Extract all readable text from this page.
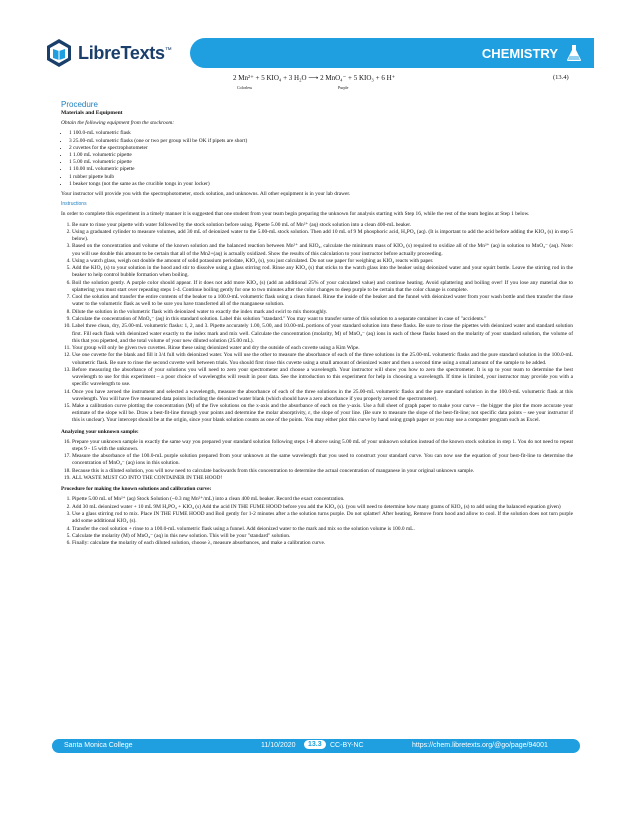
LibreTexts™	CHEMISTRY
2 Mn²⁺ + 5 KIO₄ + 3 H₂O ⟶ 2 MnO₄⁻ + 5 KIO₃ + 6 H⁺
Colorless	Purple
(13.4)
Procedure
Materials and Equipment
Obtain the following equipment from the stockroom:
• 1 100.0-mL volumetric flask
• 3 25.00-mL volumetric flasks (one or two per group will be OK if pipets are short)
• 2 cuvettes for the spectrophotometer
• 1 1.00 mL volumetric pipette
• 1 5.00 mL volumetric pipette
• 1 10.00 mL volumetric pipette
• 1 rubber pipette bulb
• 1 beaker tongs (not the same as the crucible tongs in your locker)
Your instructor will provide you with the spectrophotometer, stock solution, and unknowns. All other equipment is in your lab drawer.
Instructions
In order to complete this experiment in a timely manner it is suggested that one student from your team begin preparing the unknown for analysis starting with Step 16, while the rest of the team begins at Step 1 below.
1. Be sure to rinse your pipette with water followed by the stock solution before using. Pipette 5.00 mL of Mn²⁺ (aq) stock solution into a clean 400-mL beaker.
2. Using a graduated cylinder to measure volumes, add 30 mL of deionized water to the 5.00-mL stock solution. Then add 10 mL of 9 M phosphoric acid, H₃PO₄ (aq). (It is important to add the acid before adding the KIO₄ (s) in step 5 below).
3. Based on the concentration and volume of the known solution and the balanced reaction between Mn²⁺ and KIO₄, calculate the minimum mass of KIO₄ (s) required to oxidize all of the Mn²⁺ (aq) in solution to MnO₄⁻ (aq). Note: you will use double this amount to be certain that all of the Mn2+(aq) is actually oxidized. Show the results of this calculation to your instructor before actually proceeding.
4. Using a watch glass, weigh out double the amount of solid potassium periodate, KIO₄ (s), you just calculated. Do not use paper for weighing as KIO₄ reacts with paper.
5. Add the KIO₄ (s) to your solution in the hood and stir to dissolve using a glass stirring rod. Rinse any KIO₄ (s) that sticks to the watch glass into the beaker using deionized water and your squirt bottle. Leave the stirring rod in the beaker to help control bubble formation when boiling.
6. Boil the solution gently. A purple color should appear. If it does not add more KIO₄ (s) (add an additional 25% of your calculated value) and continue heating. Avoid splattering and boiling over! If you lose any material due to splattering you must start over repeating steps 1-4. Continue boiling gently for one to two minutes after the color changes to deep purple to be certain that the color change is complete.
7. Cool the solution and transfer the entire contents of the beaker to a 100.0-mL volumetric flask using a clean funnel. Rinse the inside of the beaker and the funnel with deionized water from your wash bottle and then transfer the rinse water to the volumetric flask as well to be sure you have transferred all of the manganese solution.
8. Dilute the solution in the volumetric flask with deionized water to exactly the index mark and swirl to mix thoroughly.
9. Calculate the concentration of MnO₄⁻ (aq) in this standard solution. Label this solution "standard." You may want to transfer some of this solution to a separate container in case of "accidents."
10. Label three clean, dry, 25.00-mL volumetric flasks: 1, 2, and 3. Pipette accurately 1.00, 5.00, and 10.00-mL portions of your standard solution into these flasks. Be sure to rinse the pipettes with deionized water and standard solution first. Fill each flask with deionized water exactly to the index mark and mix well. Calculate the concentration (molarity, M) of MnO₄⁻ (aq) ions in each of these flasks based on the molarity of your standard solution, the volume of this that you pipetted, and the total volume of your new diluted solution (25.00 mL).
11. Your group will only be given two cuvettes. Rinse these using deionized water and dry the outside of each cuvette using a Kim Wipe.
12. Use one cuvette for the blank and fill it 3/4 full with deionized water. You will use the other to measure the absorbance of each of the three solutions in the 25.00-mL volumetric flasks and the pure standard solution in the 100.0-mL volumetric flask. Be sure to rinse the second cuvette well between trials. You should first rinse this cuvette using a small amount of deionized water and then a second time using a small amount of the sample to be added.
13. Before measuring the absorbance of your solutions you will need to zero your spectrometer and choose a wavelength. Your instructor will show you how to zero the spectrometer. It is up to your team to determine the best wavelength to use for this experiment – a poor choice of wavelengths will result in poor data. See the introduction to this experiment for help in choosing a wavelength. If time is limited, your instructor may provide you with a specific wavelength to use.
14. Once you have zeroed the instrument and selected a wavelength, measure the absorbance of each of the three solutions in the 25.00-mL volumetric flasks and the pure standard solution in the 100.0-mL volumetric flask at this wavelength. You will have five measured data points including the deionized water blank (which should have a zero absorbance if you properly zeroed the spectrometer).
15. Make a calibration curve plotting the concentration (M) of the five solutions on the x-axis and the absorbance of each on the y-axis. Use a full sheet of graph paper to make your curve – the bigger the plot the more accurate your estimate of the slope will be. Draw a best-fit-line through your points and determine the molar absorptivity, ε, the slope of your line. (Be sure to measure the slope of the best-fit-line; not specific data points – see your instructor if this is unclear). Your intercept should be at the origin, since your blank solution counts as one of the points. You may either plot this curve by hand using graph paper or you may use a computer program such as Excel.
Analyzing your unknown sample:
16. Prepare your unknown sample in exactly the same way you prepared your standard solution following steps 1-8 above using 5.00 mL of your unknown solution instead of the known stock solution in step 1. You do not need to repeat steps 9 - 15 with the unknown.
17. Measure the absorbance of the 100.0-mL purple solution prepared from your unknown at the same wavelength that you used to construct your standard curve. You can now use the equation of your best-fit-line to determine the concentration of MnO₄⁻ (aq) ions in this solution.
18. Because this is a diluted solution, you will now need to calculate backwards from this concentration to determine the actual concentration of manganese in your original unknown sample.
19. ALL WASTE MUST GO INTO THE CONTAINER IN THE HOOD!
Procedure for making the known solutions and calibration curve:
1. Pipette 5.00 mL of Mn²⁺ (aq) Stock Solution (~0.3 mg Mn²⁺/mL) into a clean 400 mL beaker. Record the exact concentration.
2. Add 30 mL deionized water + 10 mL 9M H₃PO₄ + KIO₄ (s) Add the acid IN THE FUME HOOD before you add the KIO₄ (s). (you will need to determine how many grams of KIO₄ (s) to add using the balanced equation given)
3. Use a glass stirring rod to mix. Place IN THE FUME HOOD and Boil gently for 1-2 minutes after a the solution turns purple. Do not splatter! After heating, Remove from hood and allow to cool. If the solution does not turn purple add some additional KIO₄ (s).
4. Transfer the cool solution + rinse to a 100.0-mL volumetric flask using a funnel. Add deionized water to the mark and mix so the solution volume is 100.0 mL.
5. Calculate the molarity (M) of MnO₄⁻ (aq) in this new solution. This will be your "standard" solution.
6. Finally: calculate the molarity of each diluted solution, choose λ, measure absorbances, and make a calibration curve.
Santa Monica College	11/10/2020	13.3	CC-BY-NC	https://chem.libretexts.org/@go/page/94001
